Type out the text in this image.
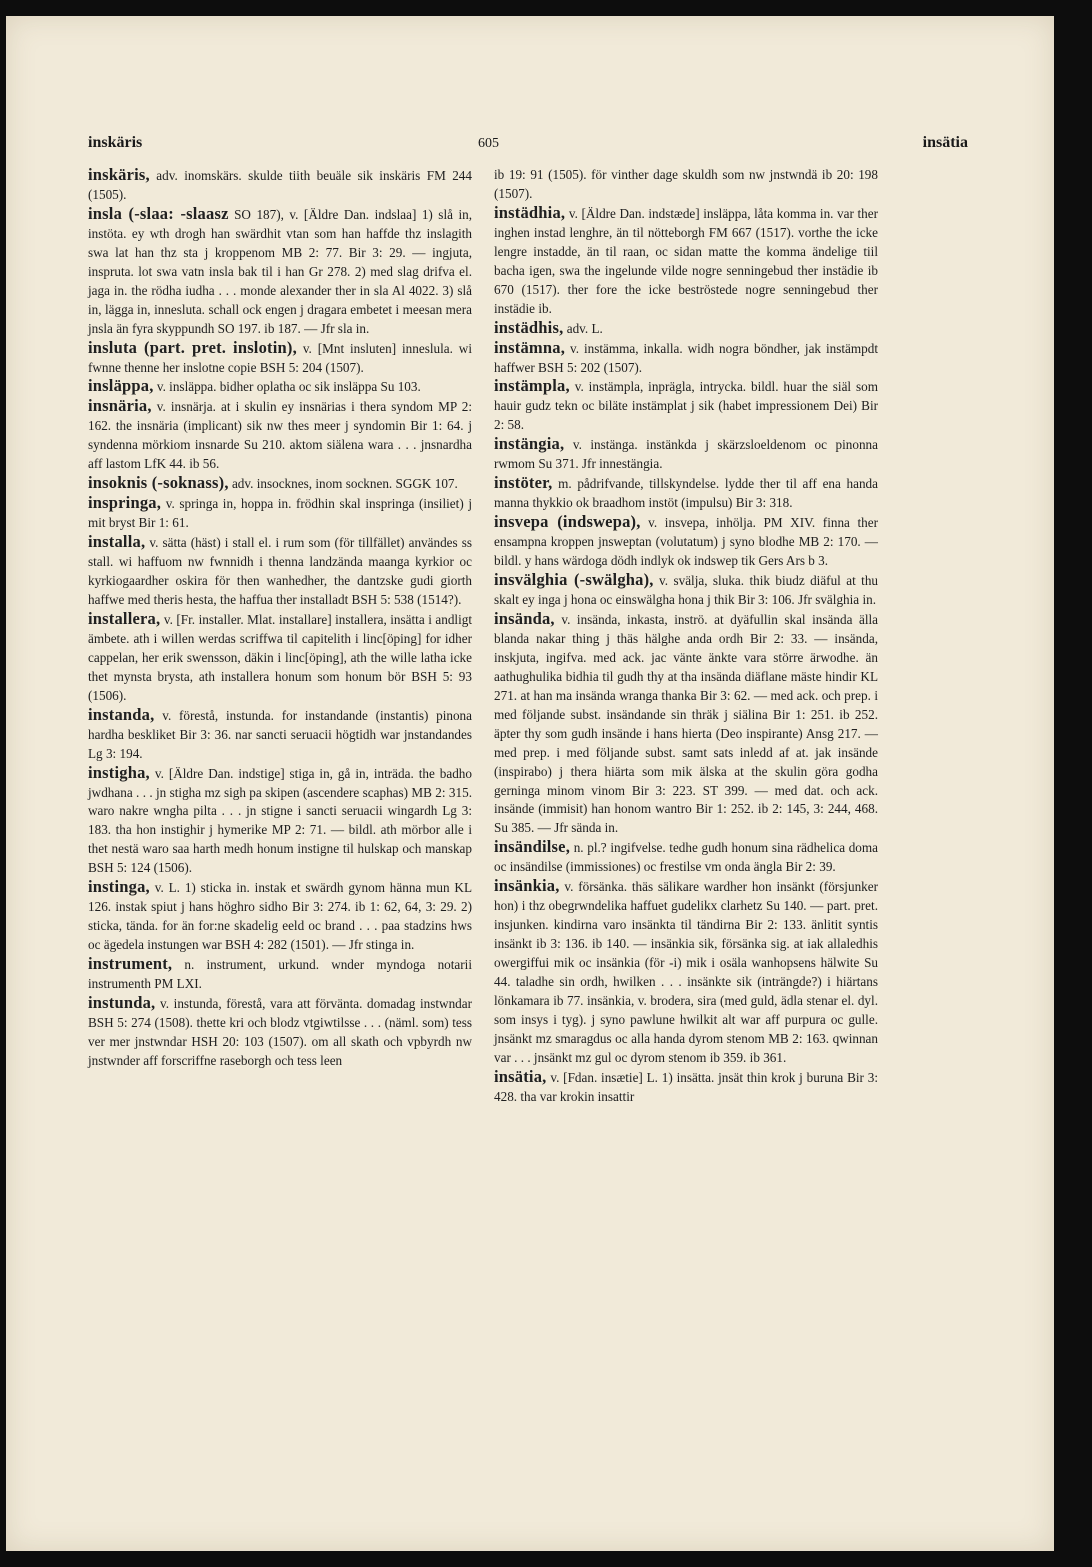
inskäris	605	insätia

inskäris, adv. inomskärs. skulde tiith beuäle sik inskäris FM 244 (1505).

insla (-slaa: -slaasz SO 187), v. [Äldre Dan. indslaa] 1) slå in, instöta. ey wth drogh han swärdhit vtan som han haffde thz inslagith swa lat han thz sta j kroppenom MB 2: 77. Bir 3: 29. — ingjuta, inspruta. lot swa vatn insla bak til i han Gr 278. 2) med slag drifva el. jaga in. the rödha iudha . . . monde alexander ther in sla Al 4022. 3) slå in, lägga in, innesluta. schall ock engen j dragara embetet i meesan mera jnsla än fyra skyppundh SO 197. ib 187. — Jfr sla in.

insluta (part. pret. inslotin), v. [Mnt insluten] inneslula. wi fwnne thenne her inslotne copie BSH 5: 204 (1507).

insläppa, v. insläppa. bidher oplatha oc sik insläppa Su 103.

insnäria, v. insnärja. at i skulin ey insnärias i thera syndom MP 2: 162. the insnäria (implicant) sik nw thes meer j syndomin Bir 1: 64. j syndenna mörkiom insnarde Su 210. aktom siälena wara . . . jnsnardha aff lastom LfK 44. ib 56.

insoknis (-soknass), adv. insocknes, inom socknen. SGGK 107.

inspringa, v. springa in, hoppa in. frödhin skal inspringa (insiliet) j mit bryst Bir 1: 61.

installa, v. sätta (häst) i stall el. i rum som (för tillfället) användes ss stall. wi haffuom nw fwnnidh i thenna landzända maanga kyrkior oc kyrkiogaardher oskira för then wanhedher, the dantzske gudi giorth haffwe med theris hesta, the haffua ther installadt BSH 5: 538 (1514?).

installera, v. [Fr. installer. Mlat. installare] installera, insätta i andligt ämbete. ath i willen werdas scriffwa til capitelith i linc[öping] for idher cappelan, her erik swensson, däkin i linc[öping], ath the wille latha icke thet mynsta brysta, ath installera honum som honum bör BSH 5: 93 (1506).

instanda, v. förestå, instunda. for instandande (instantis) pinona hardha beskliket Bir 3: 36. nar sancti seruacii högtidh war jnstandandes Lg 3: 194.

instigha, v. [Äldre Dan. indstige] stiga in, gå in, inträda. the badho jwdhana . . . jn stigha mz sigh pa skipen (ascendere scaphas) MB 2: 315. waro nakre wngha pilta . . . jn stigne i sancti seruacii wingardh Lg 3: 183. tha hon instighir j hymerike MP 2: 71. — bildl. ath mörbor alle i thet nestä waro saa harth medh honum instigne til hulskap och manskap BSH 5: 124 (1506).

instinga, v. L. 1) sticka in. instak et swärdh gynom hänna mun KL 126. instak spiut j hans höghro sidho Bir 3: 274. ib 1: 62, 64, 3: 29. 2) sticka, tända. for än for:ne skadelig eeld oc brand . . . paa stadzins hws oc ägedela instungen war BSH 4: 282 (1501). — Jfr stinga in.

instrument, n. instrument, urkund. wnder myndoga notarii instrumenth PM LXI.

instunda, v. instunda, förestå, vara att förvänta. domadag instwndar BSH 5: 274 (1508). thette kri och blodz vtgiwtilsse . . . (näml. som) tess ver mer jnstwndar HSH 20: 103 (1507). om all skath och vpbyrdh nw jnstwnder aff forscriffne raseborgh och tess leen

ib 19: 91 (1505). för vinther dage skuldh som nw jnstwndä ib 20: 198 (1507).

instädhia, v. [Äldre Dan. indstæde] insläppa, låta komma in. var ther inghen instad lenghre, än til nötteborgh FM 667 (1517). vorthe the icke lengre instadde, än til raan, oc sidan matte the komma ändelige tiil bacha igen, swa the ingelunde vilde nogre senningebud ther instädie ib 670 (1517). ther fore the icke beströstede nogre senningebud ther instädie ib.

instädhis, adv. L.

instämna, v. instämma, inkalla. widh nogra böndher, jak instämpdt haffwer BSH 5: 202 (1507).

instämpla, v. instämpla, inprägla, intrycka. bildl. huar the siäl som hauir gudz tekn oc biläte instämplat j sik (habet impressionem Dei) Bir 2: 58.

instängia, v. instänga. instänkda j skärzsloeldenom oc pinonna rwmom Su 371. Jfr innestängia.

instöter, m. pådrifvande, tillskyndelse. lydde ther til aff ena handa manna thykkio ok braadhom instöt (impulsu) Bir 3: 318.

insvepa (indswepa), v. insvepa, inhölja. PM XIV. finna ther ensampna kroppen jnsweptan (volutatum) j syno blodhe MB 2: 170. — bildl. y hans wärdoga dödh indlyk ok indswep tik Gers Ars b 3.

insvälghia (-swälgha), v. svälja, sluka. thik biudz diäful at thu skalt ey inga j hona oc einswälgha hona j thik Bir 3: 106. Jfr svälghia in.

insända, v. insända, inkasta, inströ. at dyäfullin skal insända älla blanda nakar thing j thäs hälghe anda ordh Bir 2: 33. — insända, inskjuta, ingifva. med ack. jac vänte änkte vara större ärwodhe. än aathughulika bidhia til gudh thy at tha insända diäflane mäste hindir KL 271. at han ma insända wranga thanka Bir 3: 62. — med ack. och prep. i med följande subst. insändande sin thräk j siälina Bir 1: 251. ib 252. äpter thy som gudh insände i hans hierta (Deo inspirante) Ansg 217. — med prep. i med följande subst. samt sats inledd af at. jak insände (inspirabo) j thera hiärta som mik älska at the skulin göra godha gerninga minom vinom Bir 3: 223. ST 399. — med dat. och ack. insände (immisit) han honom wantro Bir 1: 252. ib 2: 145, 3: 244, 468. Su 385. — Jfr sända in.

insändilse, n. pl.? ingifvelse. tedhe gudh honum sina rädhelica doma oc insändilse (immissiones) oc frestilse vm onda ängla Bir 2: 39.

insänkia, v. försänka. thäs sälikare wardher hon insänkt (försjunker hon) i thz obegrwndelika haffuet gudelikx clarhetz Su 140. — part. pret. insjunken. kindirna varo insänkta til tändirna Bir 2: 133. änlitit syntis insänkt ib 3: 136. ib 140. — insänkia sik, försänka sig. at iak allaledhis owergiffui mik oc insänkia (för -i) mik i osäla wanhopsens hälwite Su 44. taladhe sin ordh, hwilken . . . insänkte sik (inträngde?) i hiärtans lönkamara ib 77. insänkia, v. brodera, sira (med guld, ädla stenar el. dyl. som insys i tyg). j syno pawlune hwilkit alt war aff purpura oc gulle. jnsänkt mz smaragdus oc alla handa dyrom stenom MB 2: 163. qwinnan var . . . jnsänkt mz gul oc dyrom stenom ib 359. ib 361.

insätia, v. [Fdan. insætie] L. 1) insätta. jnsät thin krok j buruna Bir 3: 428. tha var krokin insattir
